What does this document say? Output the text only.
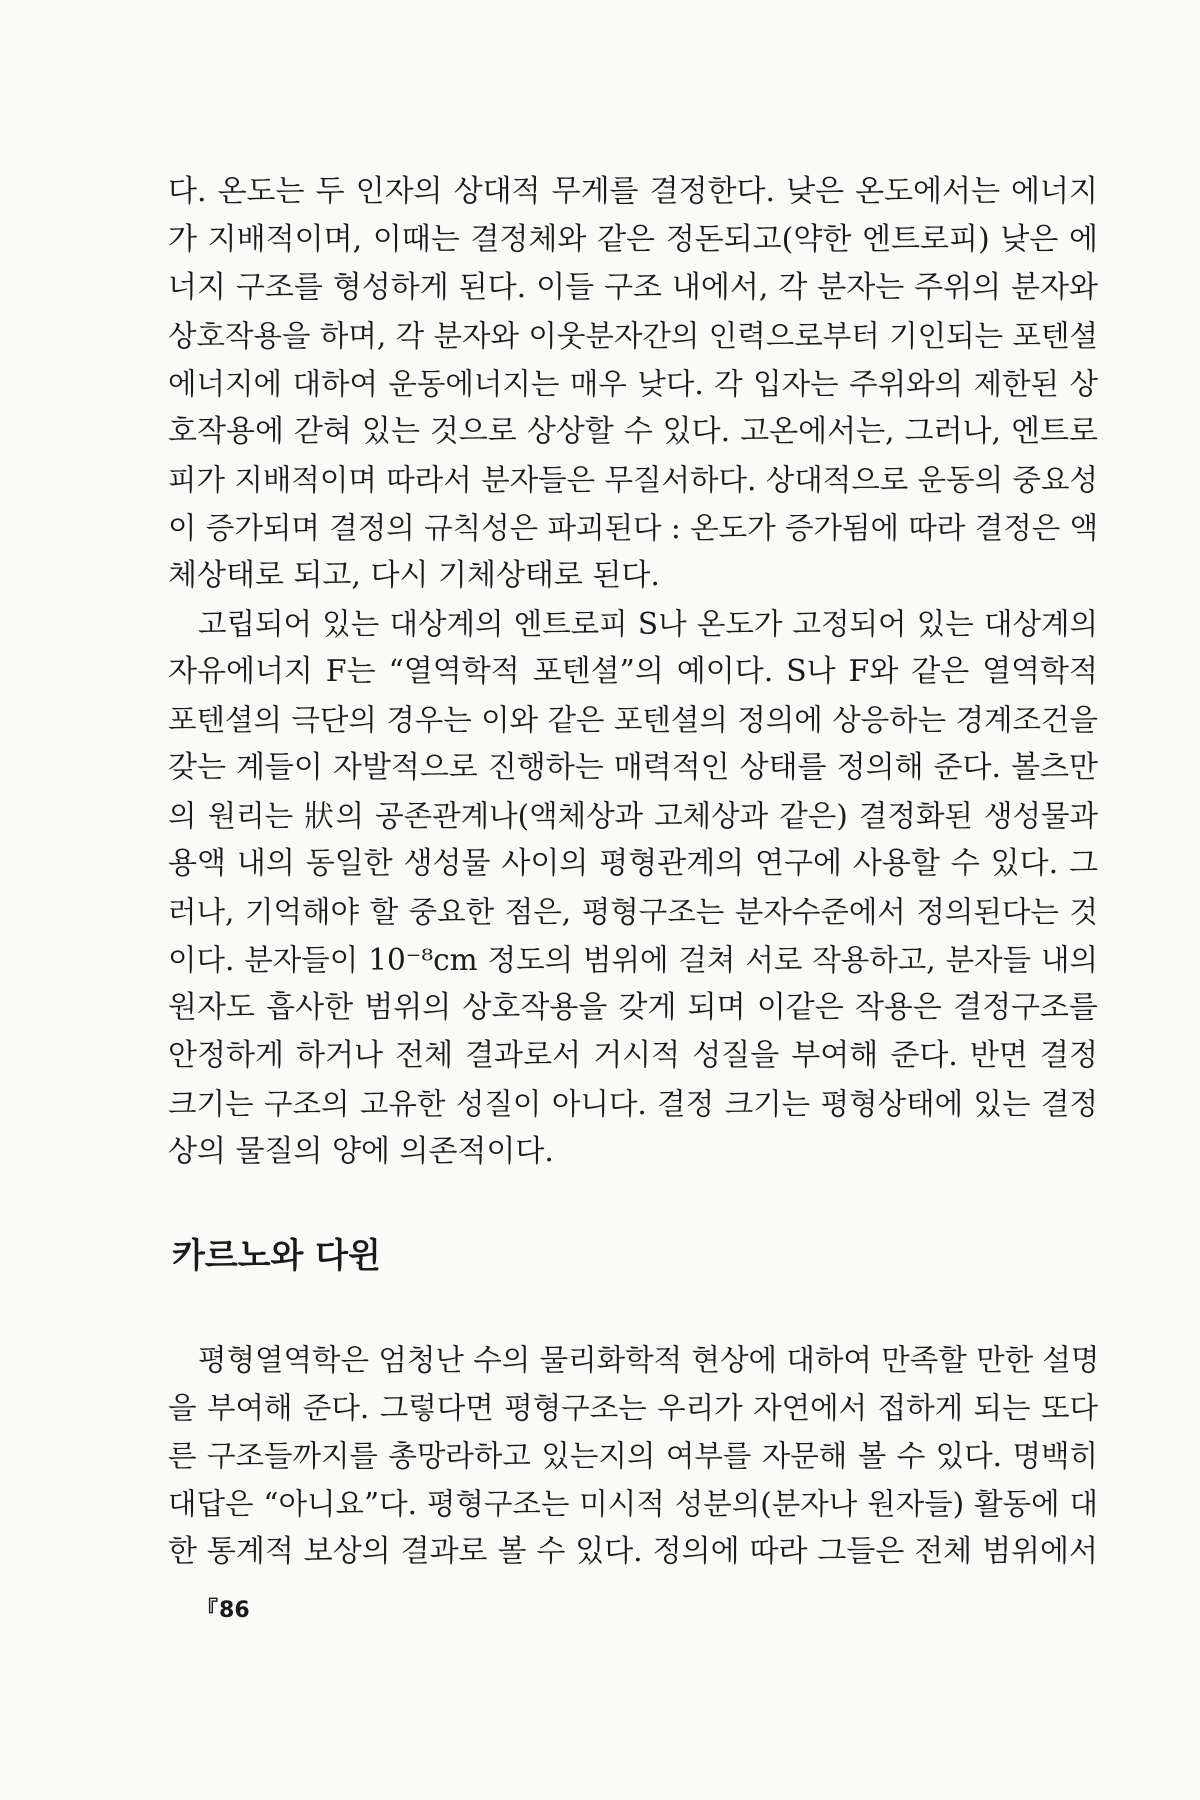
다. 온도는 두 인자의 상대적 무게를 결정한다. 낮은 온도에서는 에너지
가 지배적이며, 이때는 결정체와 같은 정돈되고(약한 엔트로피) 낮은 에
너지 구조를 형성하게 된다. 이들 구조 내에서, 각 분자는 주위의 분자와
상호작용을 하며, 각 분자와 이웃분자간의 인력으로부터 기인되는 포텐셜
에너지에 대하여 운동에너지는 매우 낮다. 각 입자는 주위와의 제한된 상
호작용에 갇혀 있는 것으로 상상할 수 있다. 고온에서는, 그러나, 엔트로
피가 지배적이며 따라서 분자들은 무질서하다. 상대적으로 운동의 중요성
이 증가되며 결정의 규칙성은 파괴된다 : 온도가 증가됨에 따라 결정은 액
체상태로 되고, 다시 기체상태로 된다.
고립되어 있는 대상계의 엔트로피 S나 온도가 고정되어 있는 대상계의
자유에너지 F는 “열역학적 포텐셜”의 예이다. S나 F와 같은 열역학적
포텐셜의 극단의 경우는 이와 같은 포텐셜의 정의에 상응하는 경계조건을
갖는 계들이 자발적으로 진행하는 매력적인 상태를 정의해 준다. 볼츠만
의 원리는 狀의 공존관계나(액체상과 고체상과 같은) 결정화된 생성물과
용액 내의 동일한 생성물 사이의 평형관계의 연구에 사용할 수 있다. 그
러나, 기억해야 할 중요한 점은, 평형구조는 분자수준에서 정의된다는 것
이다. 분자들이 10⁻⁸cm 정도의 범위에 걸쳐 서로 작용하고, 분자들 내의
원자도 흡사한 범위의 상호작용을 갖게 되며 이같은 작용은 결정구조를
안정하게 하거나 전체 결과로서 거시적 성질을 부여해 준다. 반면 결정
크기는 구조의 고유한 성질이 아니다. 결정 크기는 평형상태에 있는 결정
상의 물질의 양에 의존적이다.
카르노와 다윈
평형열역학은 엄청난 수의 물리화학적 현상에 대하여 만족할 만한 설명
을 부여해 준다. 그렇다면 평형구조는 우리가 자연에서 접하게 되는 또다
른 구조들까지를 총망라하고 있는지의 여부를 자문해 볼 수 있다. 명백히
대답은 “아니요”다. 평형구조는 미시적 성분의(분자나 원자들) 활동에 대
한 통계적 보상의 결과로 볼 수 있다. 정의에 따라 그들은 전체 범위에서
『86
